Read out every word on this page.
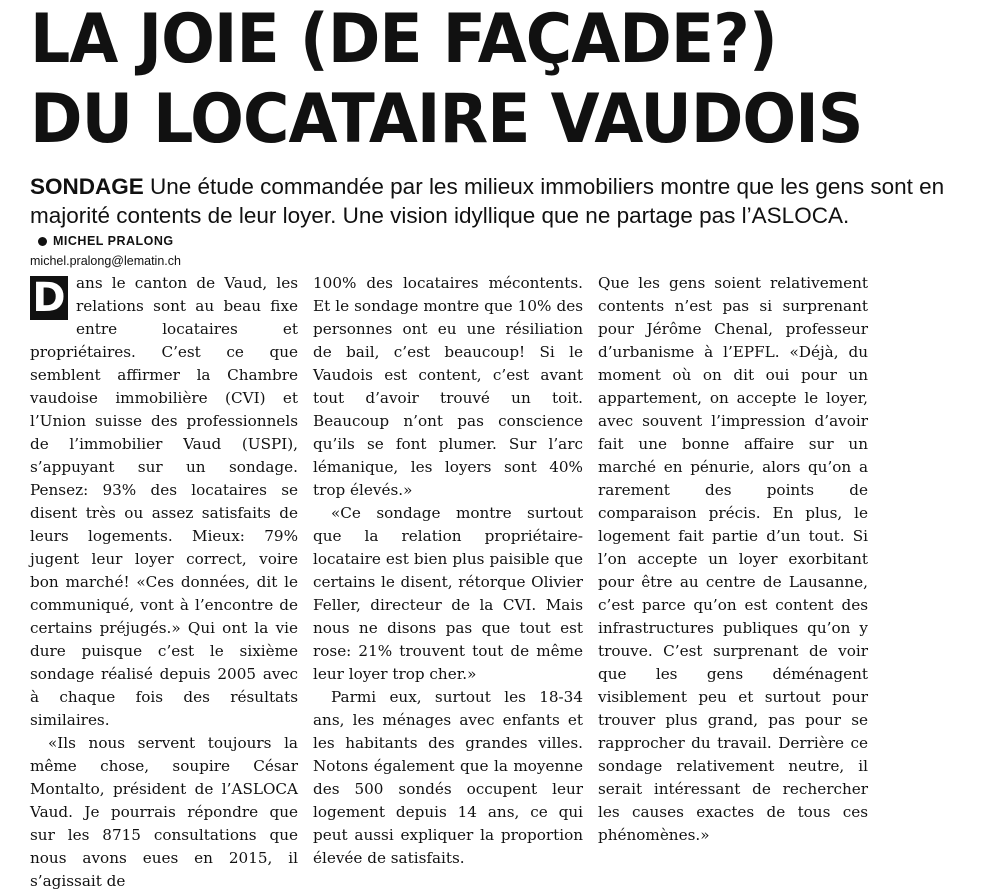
LA JOIE (DE FAÇADE?)
DU LOCATAIRE VAUDOIS

SONDAGE Une étude commandée par les milieux immobiliers montre que les gens sont en majorité contents de leur loyer. Une vision idyllique que ne partage pas l’ASLOCA.

MICHEL PRALONG
michel.pralong@lematin.ch

D ans le canton de Vaud, les relations sont au beau fixe entre locataires et propriétaires. C’est ce que semblent affirmer la Chambre vaudoise immobilière (CVI) et l’Union suisse des professionnels de l’immobilier Vaud (USPI), s’appuyant sur un sondage. Pensez: 93% des locataires se disent très ou assez satisfaits de leurs logements. Mieux: 79% jugent leur loyer correct, voire bon marché! «Ces données, dit le communiqué, vont à l’encontre de certains préjugés.» Qui ont la vie dure puisque c’est le sixième sondage réalisé depuis 2005 avec à chaque fois des résultats similaires.

«Ils nous servent toujours la même chose, soupire César Montalto, président de l’ASLOCA Vaud. Je pourrais répondre que sur les 8715 consultations que nous avons eues en 2015, il s’agissait de

100% des locataires mécontents. Et le sondage montre que 10% des personnes ont eu une résiliation de bail, c’est beaucoup! Si le Vaudois est content, c’est avant tout d’avoir trouvé un toit. Beaucoup n’ont pas conscience qu’ils se font plumer. Sur l’arc lémanique, les loyers sont 40% trop élevés.»

«Ce sondage montre surtout que la relation propriétaire-locataire est bien plus paisible que certains le disent, rétorque Olivier Feller, directeur de la CVI. Mais nous ne disons pas que tout est rose: 21% trouvent tout de même leur loyer trop cher.»

Parmi eux, surtout les 18-34 ans, les ménages avec enfants et les habitants des grandes villes. Notons également que la moyenne des 500 sondés occupent leur logement depuis 14 ans, ce qui peut aussi expliquer la proportion élevée de satisfaits.

Que les gens soient relativement contents n’est pas si surprenant pour Jérôme Chenal, professeur d’urbanisme à l’EPFL. «Déjà, du moment où on dit oui pour un appartement, on accepte le loyer, avec souvent l’impression d’avoir fait une bonne affaire sur un marché en pénurie, alors qu’on a rarement des points de comparaison précis. En plus, le logement fait partie d’un tout. Si l’on accepte un loyer exorbitant pour être au centre de Lausanne, c’est parce qu’on est content des infrastructures publiques qu’on y trouve. C’est surprenant de voir que les gens déménagent visiblement peu et surtout pour trouver plus grand, pas pour se rapprocher du travail. Derrière ce sondage relativement neutre, il serait intéressant de rechercher les causes exactes de tous ces phénomènes.»
